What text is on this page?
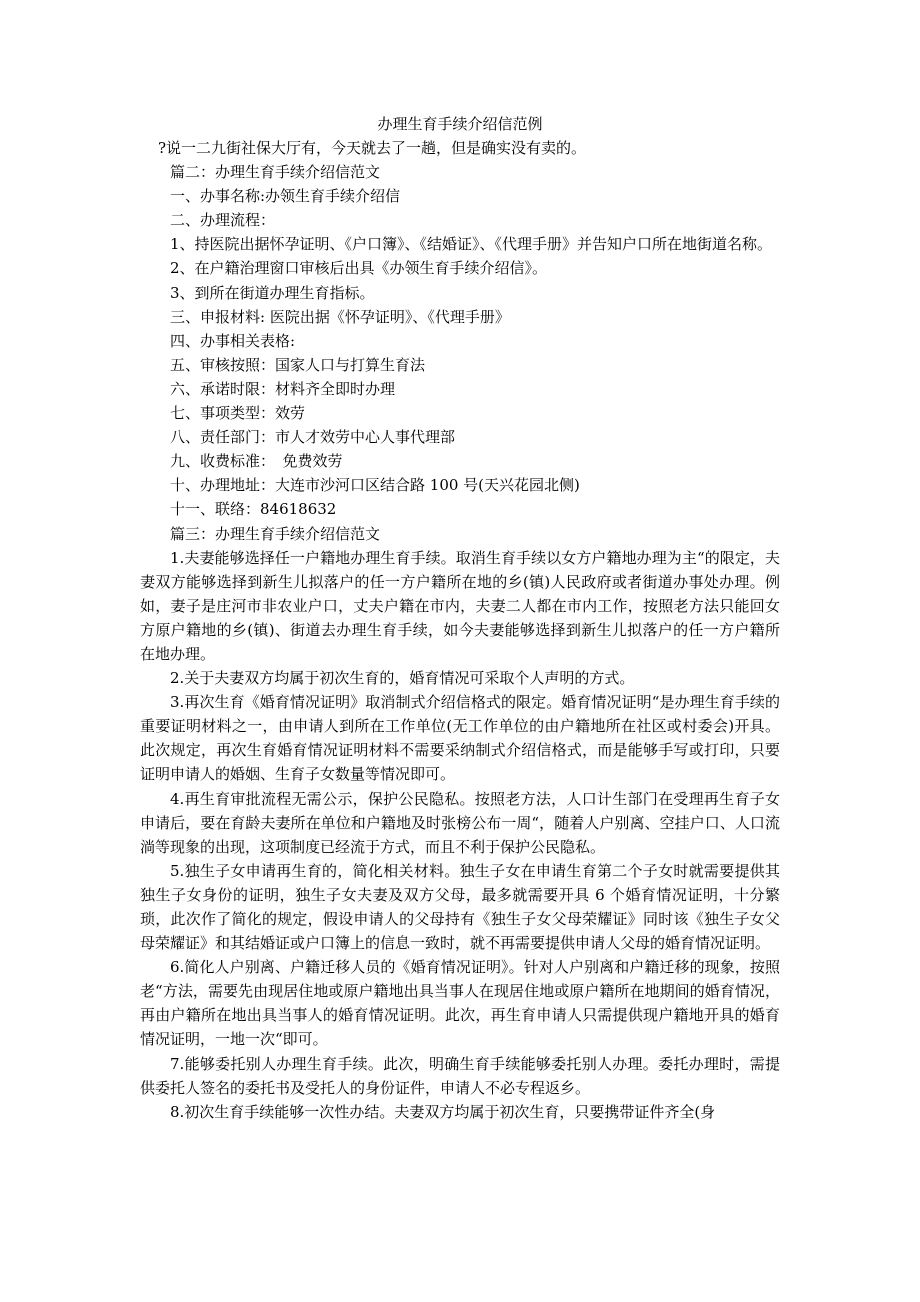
办理生育手续介绍信范例

?说一二九街社保大厅有，今天就去了一趟，但是确实没有卖的。

篇二：办理生育手续介绍信范文

一、办事名称:办领生育手续介绍信

二、办理流程：

1、持医院出据怀孕证明、《户口簿》、《结婚证》、《代理手册》并告知户口所在地街道名称。

2、在户籍治理窗口审核后出具《办领生育手续介绍信》。

3、到所在街道办理生育指标。

三、申报材料: 医院出据《怀孕证明》、《代理手册》

四、办事相关表格:

五、审核按照：国家人口与打算生育法

六、承诺时限：材料齐全即时办理

七、事项类型：效劳

八、责任部门：市人才效劳中心人事代理部

九、收费标准：　免费效劳

十、办理地址：大连市沙河口区结合路 100 号(天兴花园北侧)

十一、联络：84618632

篇三：办理生育手续介绍信范文

1.夫妻能够选择任一户籍地办理生育手续。取消生育手续以女方户籍地办理为主“的限定，夫妻双方能够选择到新生儿拟落户的任一方户籍所在地的乡(镇)人民政府或者街道办事处办理。例如，妻子是庄河市非农业户口，丈夫户籍在市内，夫妻二人都在市内工作，按照老方法只能回女方原户籍地的乡(镇)、街道去办理生育手续，如今夫妻能够选择到新生儿拟落户的任一方户籍所在地办理。

2.关于夫妻双方均属于初次生育的，婚育情况可采取个人声明的方式。

3.再次生育《婚育情况证明》取消制式介绍信格式的限定。婚育情况证明“是办理生育手续的重要证明材料之一，由申请人到所在工作单位(无工作单位的由户籍地所在社区或村委会)开具。此次规定，再次生育婚育情况证明材料不需要采纳制式介绍信格式，而是能够手写或打印，只要证明申请人的婚姻、生育子女数量等情况即可。

4.再生育审批流程无需公示，保护公民隐私。按照老方法，人口计生部门在受理再生育子女申请后，要在育龄夫妻所在单位和户籍地及时张榜公布一周“，随着人户别离、空挂户口、人口流淌等现象的出现，这项制度已经流于方式，而且不利于保护公民隐私。

5.独生子女申请再生育的，简化相关材料。独生子女在申请生育第二个子女时就需要提供其独生子女身份的证明，独生子女夫妻及双方父母，最多就需要开具 6 个婚育情况证明，十分繁琐，此次作了简化的规定，假设申请人的父母持有《独生子女父母荣耀证》同时该《独生子女父母荣耀证》和其结婚证或户口簿上的信息一致时，就不再需要提供申请人父母的婚育情况证明。

6.简化人户别离、户籍迁移人员的《婚育情况证明》。针对人户别离和户籍迁移的现象，按照老“方法，需要先由现居住地或原户籍地出具当事人在现居住地或原户籍所在地期间的婚育情况，再由户籍所在地出具当事人的婚育情况证明。此次，再生育申请人只需提供现户籍地开具的婚育情况证明，一地一次“即可。

7.能够委托别人办理生育手续。此次，明确生育手续能够委托别人办理。委托办理时，需提供委托人签名的委托书及受托人的身份证件，申请人不必专程返乡。

8.初次生育手续能够一次性办结。夫妻双方均属于初次生育，只要携带证件齐全(身
